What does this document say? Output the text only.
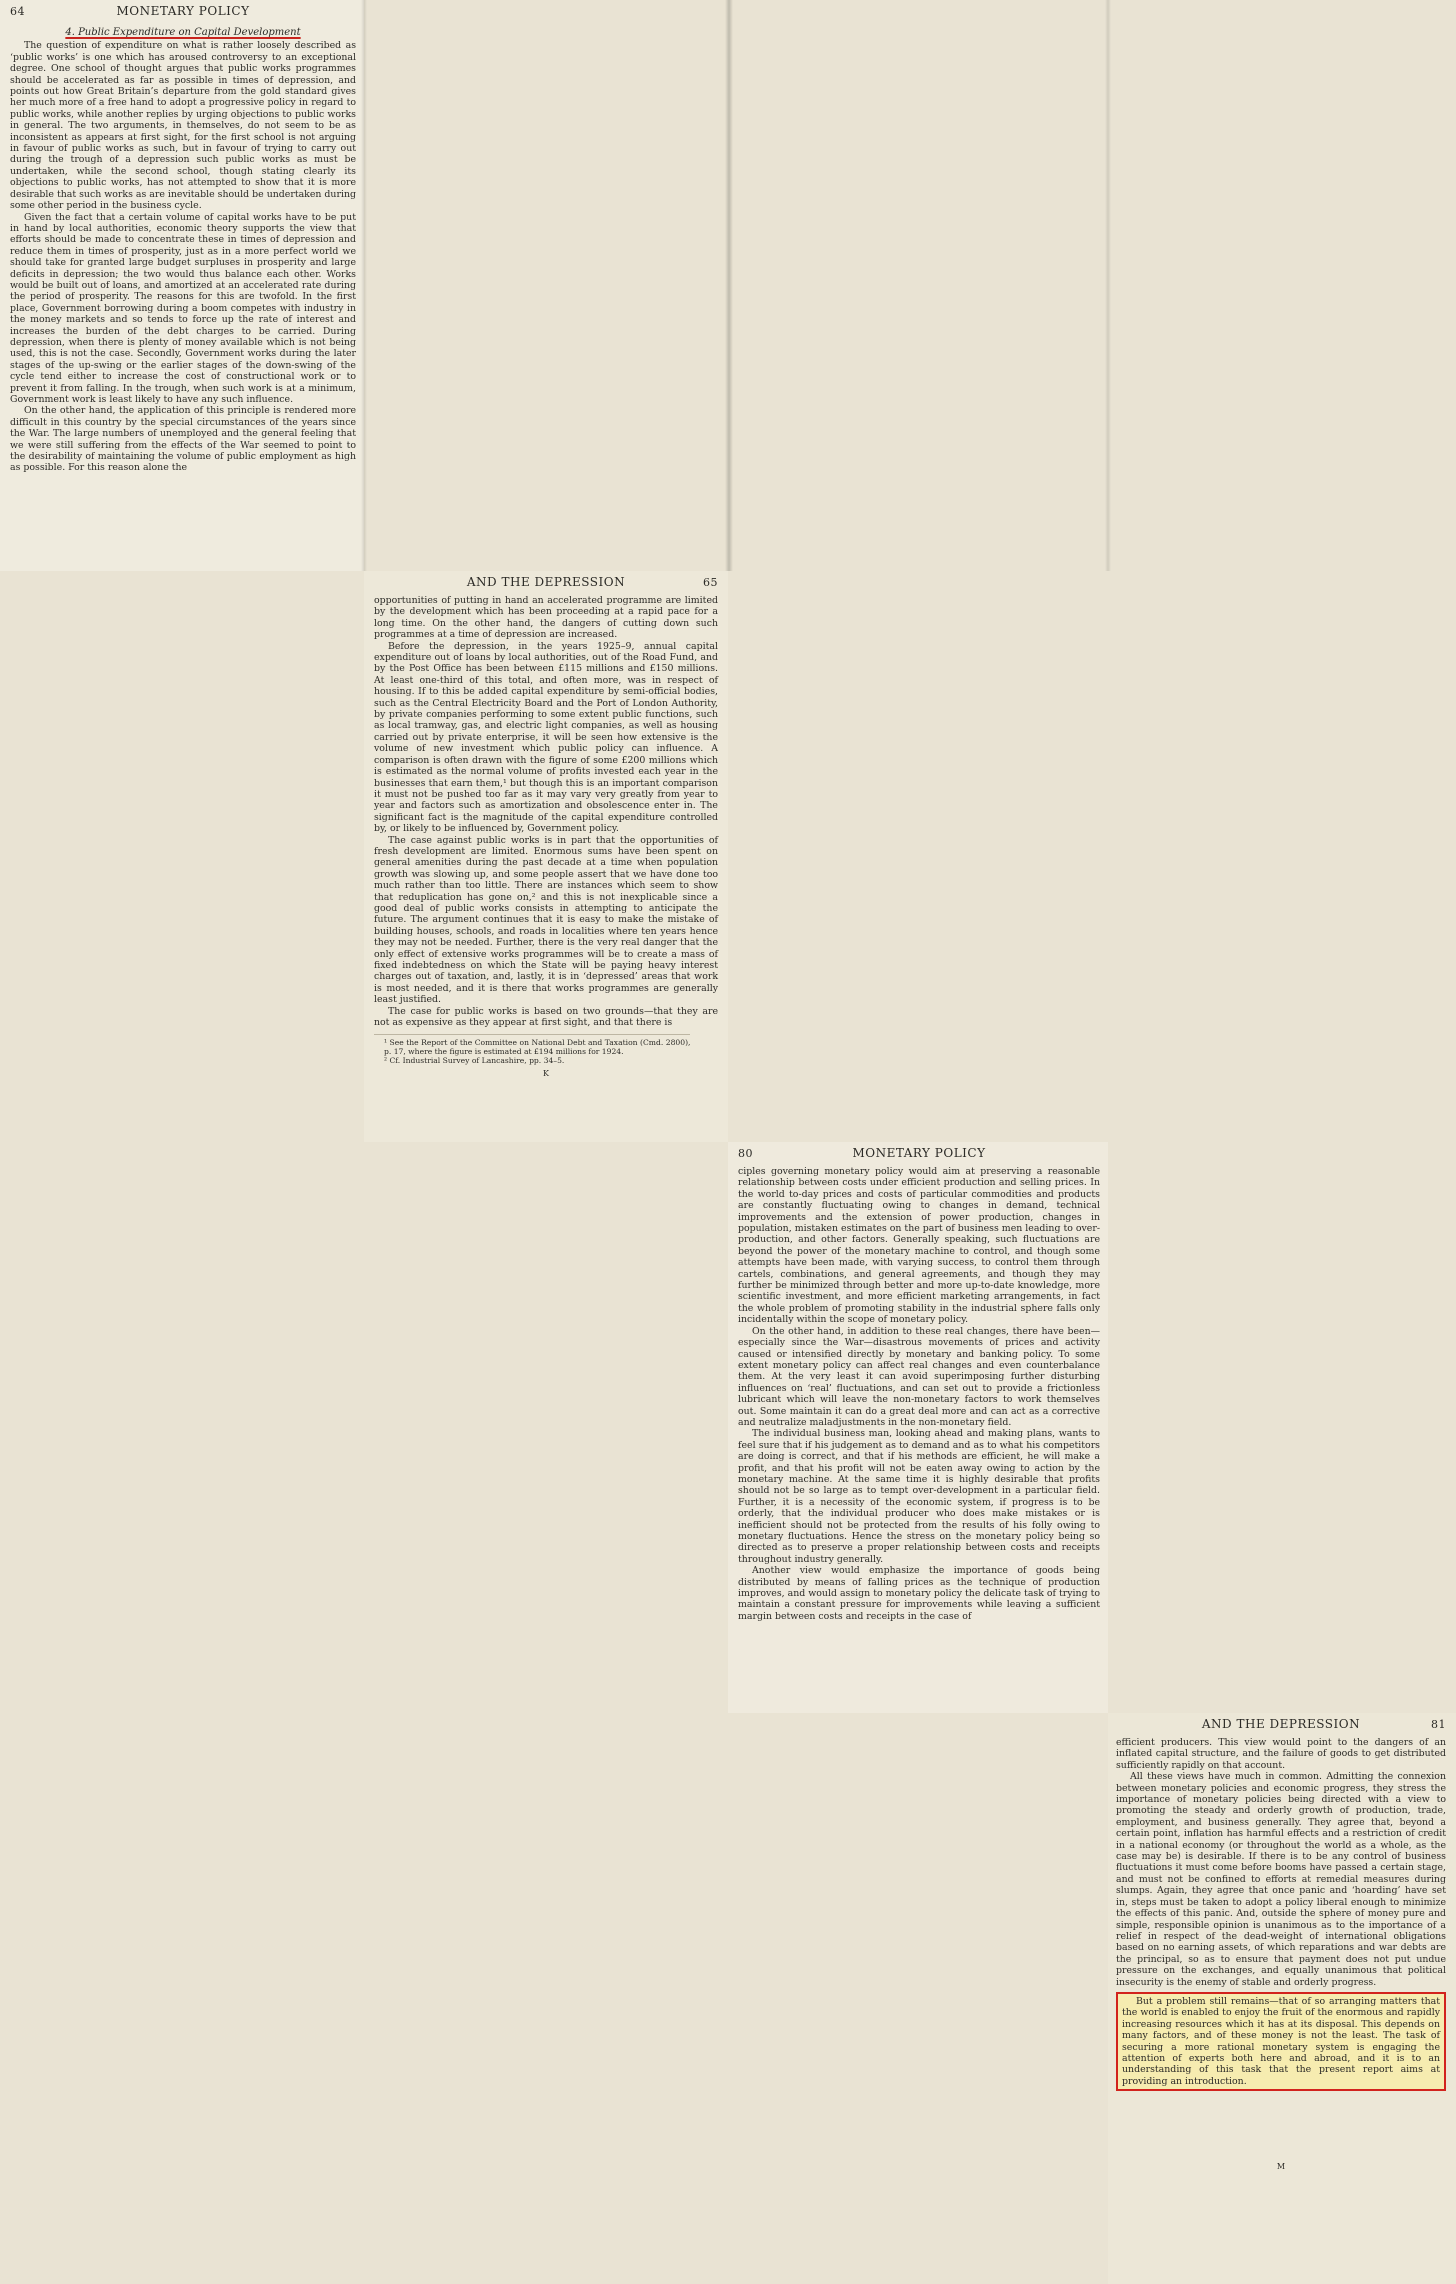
64	MONETARY POLICY
4. Public Expenditure on Capital Development

The question of expenditure on what is rather loosely described as ‘public works’ is one which has aroused controversy to an exceptional degree. One school of thought argues that public works programmes should be accelerated as far as possible in times of depression, and points out how Great Britain’s departure from the gold standard gives her much more of a free hand to adopt a progressive policy in regard to public works, while another replies by urging objections to public works in general. The two arguments, in themselves, do not seem to be as inconsistent as appears at first sight, for the first school is not arguing in favour of public works as such, but in favour of trying to carry out during the trough of a depression such public works as must be undertaken, while the second school, though stating clearly its objections to public works, has not attempted to show that it is more desirable that such works as are inevitable should be undertaken during some other period in the business cycle.

Given the fact that a certain volume of capital works have to be put in hand by local authorities, economic theory supports the view that efforts should be made to concentrate these in times of depression and reduce them in times of prosperity, just as in a more perfect world we should take for granted large budget surpluses in prosperity and large deficits in depression; the two would thus balance each other. Works would be built out of loans, and amortized at an accelerated rate during the period of prosperity. The reasons for this are twofold. In the first place, Government borrowing during a boom competes with industry in the money markets and so tends to force up the rate of interest and increases the burden of the debt charges to be carried. During depression, when there is plenty of money available which is not being used, this is not the case. Secondly, Government works during the later stages of the up-swing or the earlier stages of the down-swing of the cycle tend either to increase the cost of constructional work or to prevent it from falling. In the trough, when such work is at a minimum, Government work is least likely to have any such influence.

On the other hand, the application of this principle is rendered more difficult in this country by the special circumstances of the years since the War. The large numbers of unemployed and the general feeling that we were still suffering from the effects of the War seemed to point to the desirability of maintaining the volume of public employment as high as possible. For this reason alone the

AND THE DEPRESSION	65

opportunities of putting in hand an accelerated programme are limited by the development which has been proceeding at a rapid pace for a long time. On the other hand, the dangers of cutting down such programmes at a time of depression are increased.

Before the depression, in the years 1925–9, annual capital expenditure out of loans by local authorities, out of the Road Fund, and by the Post Office has been between £115 millions and £150 millions. At least one-third of this total, and often more, was in respect of housing. If to this be added capital expenditure by semi-official bodies, such as the Central Electricity Board and the Port of London Authority, by private companies performing to some extent public functions, such as local tramway, gas, and electric light companies, as well as housing carried out by private enterprise, it will be seen how extensive is the volume of new investment which public policy can influence. A comparison is often drawn with the figure of some £200 millions which is estimated as the normal volume of profits invested each year in the businesses that earn them,¹ but though this is an important comparison it must not be pushed too far as it may vary very greatly from year to year and factors such as amortization and obsolescence enter in. The significant fact is the magnitude of the capital expenditure controlled by, or likely to be influenced by, Government policy.

The case against public works is in part that the opportunities of fresh development are limited. Enormous sums have been spent on general amenities during the past decade at a time when population growth was slowing up, and some people assert that we have done too much rather than too little. There are instances which seem to show that reduplication has gone on,² and this is not inexplicable since a good deal of public works consists in attempting to anticipate the future. The argument continues that it is easy to make the mistake of building houses, schools, and roads in localities where ten years hence they may not be needed. Further, there is the very real danger that the only effect of extensive works programmes will be to create a mass of fixed indebtedness on which the State will be paying heavy interest charges out of taxation, and, lastly, it is in ‘depressed’ areas that work is most needed, and it is there that works programmes are generally least justified.

The case for public works is based on two grounds—that they are not as expensive as they appear at first sight, and that there is

¹ See the Report of the Committee on National Debt and Taxation (Cmd. 2800), p. 17, where the figure is estimated at £194 millions for 1924.
² Cf. Industrial Survey of Lancashire, pp. 34–5.
K
80	MONETARY POLICY

ciples governing monetary policy would aim at preserving a reasonable relationship between costs under efficient production and selling prices. In the world to-day prices and costs of particular commodities and products are constantly fluctuating owing to changes in demand, technical improvements and the extension of power production, changes in population, mistaken estimates on the part of business men leading to over-production, and other factors. Generally speaking, such fluctuations are beyond the power of the monetary machine to control, and though some attempts have been made, with varying success, to control them through cartels, combinations, and general agreements, and though they may further be minimized through better and more up-to-date knowledge, more scientific investment, and more efficient marketing arrangements, in fact the whole problem of promoting stability in the industrial sphere falls only incidentally within the scope of monetary policy.

On the other hand, in addition to these real changes, there have been—especially since the War—disastrous movements of prices and activity caused or intensified directly by monetary and banking policy. To some extent monetary policy can affect real changes and even counterbalance them. At the very least it can avoid superimposing further disturbing influences on ‘real’ fluctuations, and can set out to provide a frictionless lubricant which will leave the non-monetary factors to work themselves out. Some maintain it can do a great deal more and can act as a corrective and neutralize maladjustments in the non-monetary field.

The individual business man, looking ahead and making plans, wants to feel sure that if his judgement as to demand and as to what his competitors are doing is correct, and that if his methods are efficient, he will make a profit, and that his profit will not be eaten away owing to action by the monetary machine. At the same time it is highly desirable that profits should not be so large as to tempt over-development in a particular field. Further, it is a necessity of the economic system, if progress is to be orderly, that the individual producer who does make mistakes or is inefficient should not be protected from the results of his folly owing to monetary fluctuations. Hence the stress on the monetary policy being so directed as to preserve a proper relationship between costs and receipts throughout industry generally.

Another view would emphasize the importance of goods being distributed by means of falling prices as the technique of production improves, and would assign to monetary policy the delicate task of trying to maintain a constant pressure for improvements while leaving a sufficient margin between costs and receipts in the case of

AND THE DEPRESSION	81

efficient producers. This view would point to the dangers of an inflated capital structure, and the failure of goods to get distributed sufficiently rapidly on that account.

All these views have much in common. Admitting the connexion between monetary policies and economic progress, they stress the importance of monetary policies being directed with a view to promoting the steady and orderly growth of production, trade, employment, and business generally. They agree that, beyond a certain point, inflation has harmful effects and a restriction of credit in a national economy (or throughout the world as a whole, as the case may be) is desirable. If there is to be any control of business fluctuations it must come before booms have passed a certain stage, and must not be confined to efforts at remedial measures during slumps. Again, they agree that once panic and ‘hoarding’ have set in, steps must be taken to adopt a policy liberal enough to minimize the effects of this panic. And, outside the sphere of money pure and simple, responsible opinion is unanimous as to the importance of a relief in respect of the dead-weight of international obligations based on no earning assets, of which reparations and war debts are the principal, so as to ensure that payment does not put undue pressure on the exchanges, and equally unanimous that political insecurity is the enemy of stable and orderly progress.

But a problem still remains—that of so arranging matters that the world is enabled to enjoy the fruit of the enormous and rapidly increasing resources which it has at its disposal. This depends on many factors, and of these money is not the least. The task of securing a more rational monetary system is engaging the attention of experts both here and abroad, and it is to an understanding of this task that the present report aims at providing an introduction.

M
